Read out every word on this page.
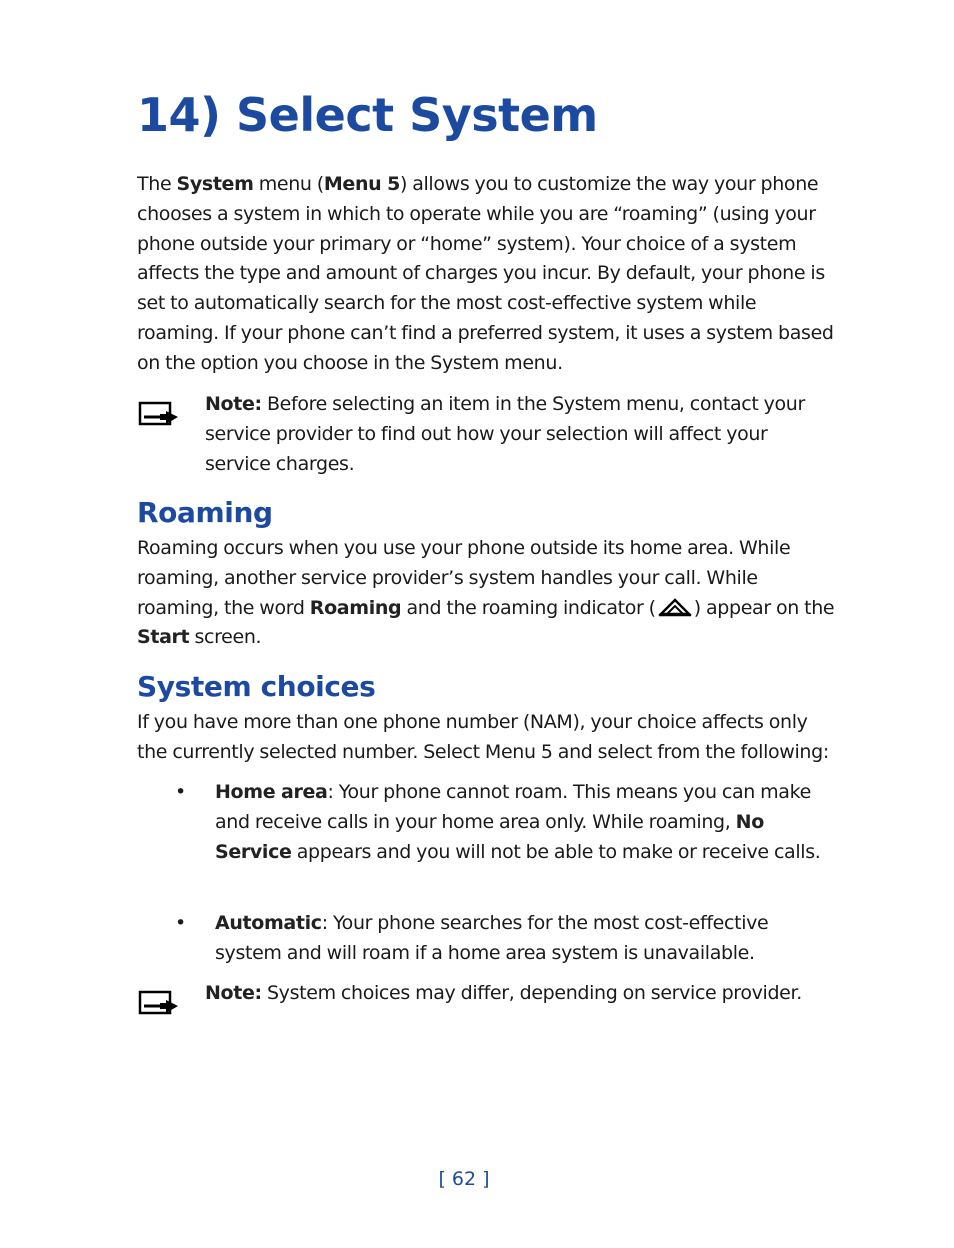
14) Select System

The System menu (Menu 5) allows you to customize the way your phone chooses a system in which to operate while you are “roaming” (using your phone outside your primary or “home” system). Your choice of a system affects the type and amount of charges you incur. By default, your phone is set to automatically search for the most cost-effective system while roaming. If your phone can’t find a preferred system, it uses a system based on the option you choose in the System menu.

Note: Before selecting an item in the System menu, contact your service provider to find out how your selection will affect your service charges.

Roaming

Roaming occurs when you use your phone outside its home area. While roaming, another service provider’s system handles your call. While roaming, the word Roaming and the roaming indicator ( ) appear on the Start screen.

System choices

If you have more than one phone number (NAM), your choice affects only the currently selected number. Select Menu 5 and select from the following:

• Home area: Your phone cannot roam. This means you can make and receive calls in your home area only. While roaming, No Service appears and you will not be able to make or receive calls.

• Automatic: Your phone searches for the most cost-effective system and will roam if a home area system is unavailable.

Note: System choices may differ, depending on service provider.

[ 62 ]
